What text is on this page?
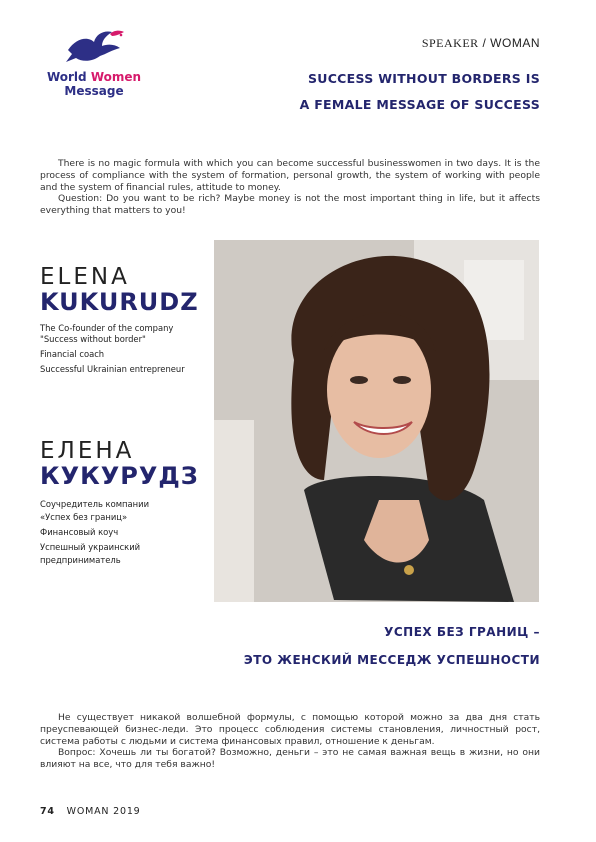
World Women
Message
SPEAKER / WOMAN
SUCCESS WITHOUT BORDERS IS
A FEMALE MESSAGE OF SUCCESS

There is no magic formula with which you can become successful businesswomen in two days. It is the process of compliance with the system of formation, personal growth, the system of working with people and the system of financial rules, attitude to money.

Question: Do you want to be rich? Maybe money is not the most important thing in life, but it affects everything that matters to you!

ELENA
KUKURUDZ
The Co-founder of the company
"Success without border"
Financial coach
Successful Ukrainian entrepreneur
ЕЛЕНА
КУКУРУДЗ
Соучредитель компании
«Успех без границ»
Финансовый коуч
Успешный украинский
предприниматель
УСПЕХ БЕЗ ГРАНИЦ –
ЭТО ЖЕНСКИЙ МЕССЕДЖ УСПЕШНОСТИ

Не существует никакой волшебной формулы, с помощью которой можно за два дня стать преуспевающей бизнес-леди. Это процесс соблюдения системы становления, личностный рост, система работы с людьми и система финансовых правил, отношение к деньгам.

Вопрос: Хочешь ли ты богатой? Возможно, деньги – это не самая важная вещь в жизни, но они влияют на все, что для тебя важно!

74 WOMAN 2019
